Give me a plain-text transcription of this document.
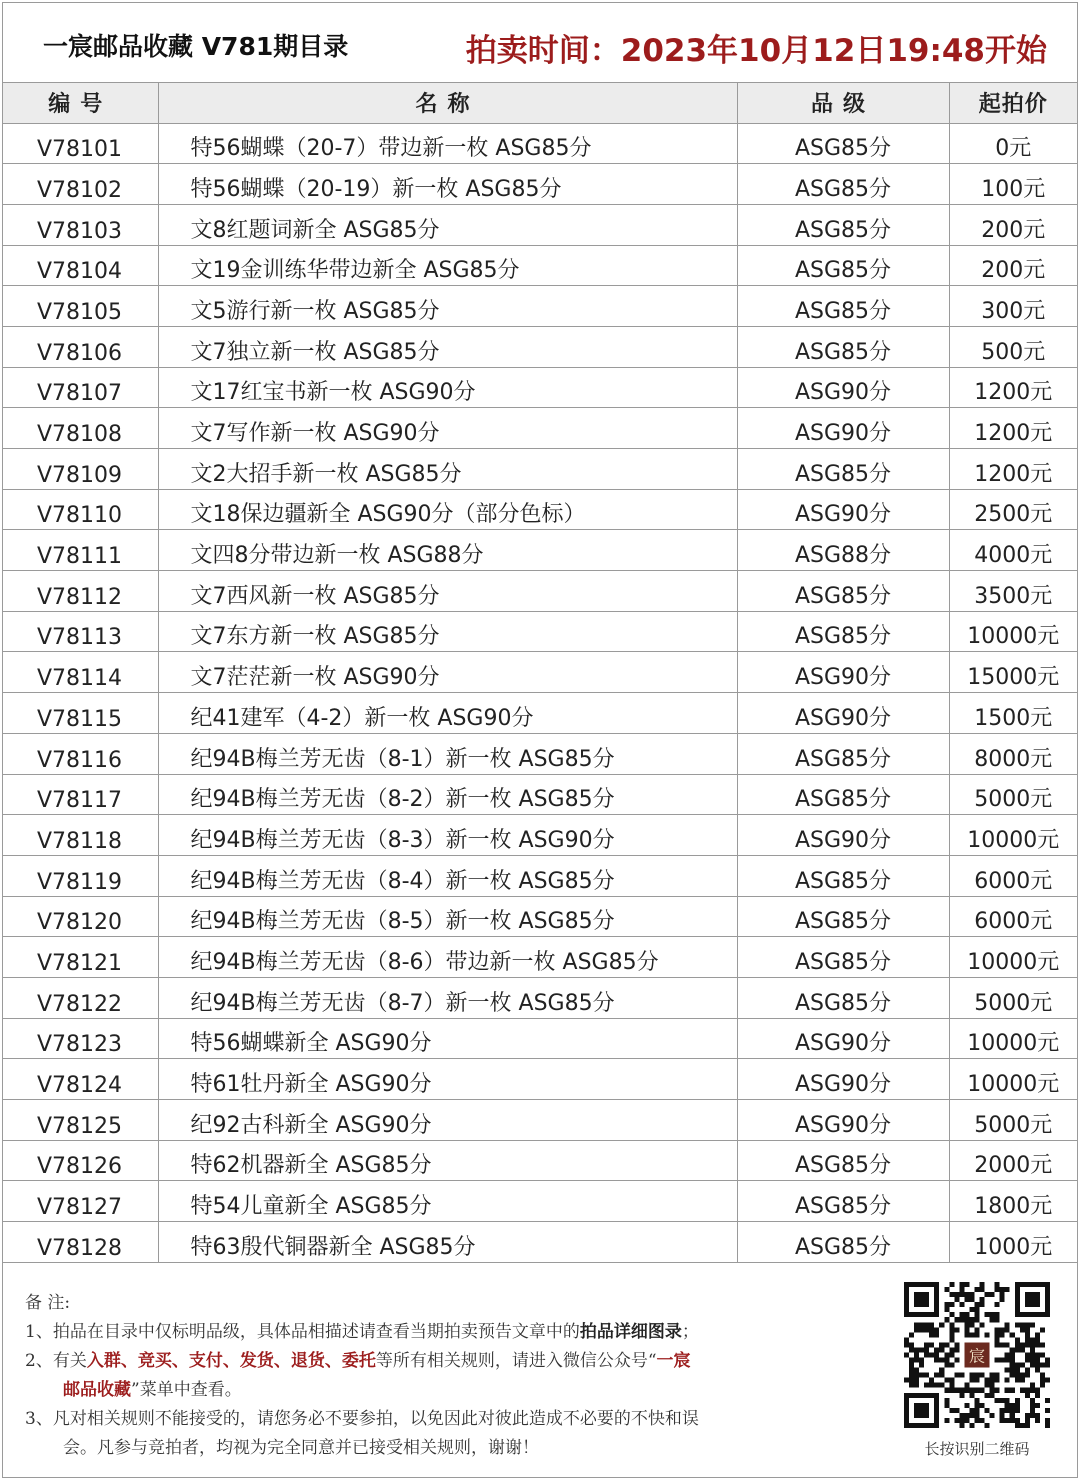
一宸邮品收藏 V781期目录	拍卖时间：2023年10月12日19:48开始
编号	名称	品级	起拍价
V78101	特56蝴蝶（20-7）带边新一枚 ASG85分	ASG85分	0元
V78102	特56蝴蝶（20-19）新一枚 ASG85分	ASG85分	100元
V78103	文8红题词新全 ASG85分	ASG85分	200元
V78104	文19金训练华带边新全 ASG85分	ASG85分	200元
V78105	文5游行新一枚 ASG85分	ASG85分	300元
V78106	文7独立新一枚 ASG85分	ASG85分	500元
V78107	文17红宝书新一枚 ASG90分	ASG90分	1200元
V78108	文7写作新一枚 ASG90分	ASG90分	1200元
V78109	文2大招手新一枚 ASG85分	ASG85分	1200元
V78110	文18保边疆新全 ASG90分（部分色标）	ASG90分	2500元
V78111	文四8分带边新一枚 ASG88分	ASG88分	4000元
V78112	文7西风新一枚 ASG85分	ASG85分	3500元
V78113	文7东方新一枚 ASG85分	ASG85分	10000元
V78114	文7茫茫新一枚 ASG90分	ASG90分	15000元
V78115	纪41建军（4-2）新一枚 ASG90分	ASG90分	1500元
V78116	纪94B梅兰芳无齿（8-1）新一枚 ASG85分	ASG85分	8000元
V78117	纪94B梅兰芳无齿（8-2）新一枚 ASG85分	ASG85分	5000元
V78118	纪94B梅兰芳无齿（8-3）新一枚 ASG90分	ASG90分	10000元
V78119	纪94B梅兰芳无齿（8-4）新一枚 ASG85分	ASG85分	6000元
V78120	纪94B梅兰芳无齿（8-5）新一枚 ASG85分	ASG85分	6000元
V78121	纪94B梅兰芳无齿（8-6）带边新一枚 ASG85分	ASG85分	10000元
V78122	纪94B梅兰芳无齿（8-7）新一枚 ASG85分	ASG85分	5000元
V78123	特56蝴蝶新全 ASG90分	ASG90分	10000元
V78124	特61牡丹新全 ASG90分	ASG90分	10000元
V78125	纪92古科新全 ASG90分	ASG90分	5000元
V78126	特62机器新全 ASG85分	ASG85分	2000元
V78127	特54儿童新全 ASG85分	ASG85分	1800元
V78128	特63殷代铜器新全 ASG85分	ASG85分	1000元
备 注:
1、拍品在目录中仅标明品级，具体品相描述请查看当期拍卖预告文章中的拍品详细图录；
2、有关入群、竞买、支付、发货、退货、委托等所有相关规则，请进入微信公众号“一宸
邮品收藏”菜单中查看。
3、凡对相关规则不能接受的，请您务必不要参拍，以免因此对彼此造成不必要的不快和误
会。凡参与竞拍者，均视为完全同意并已接受相关规则，谢谢！
宸
长按识别二维码
